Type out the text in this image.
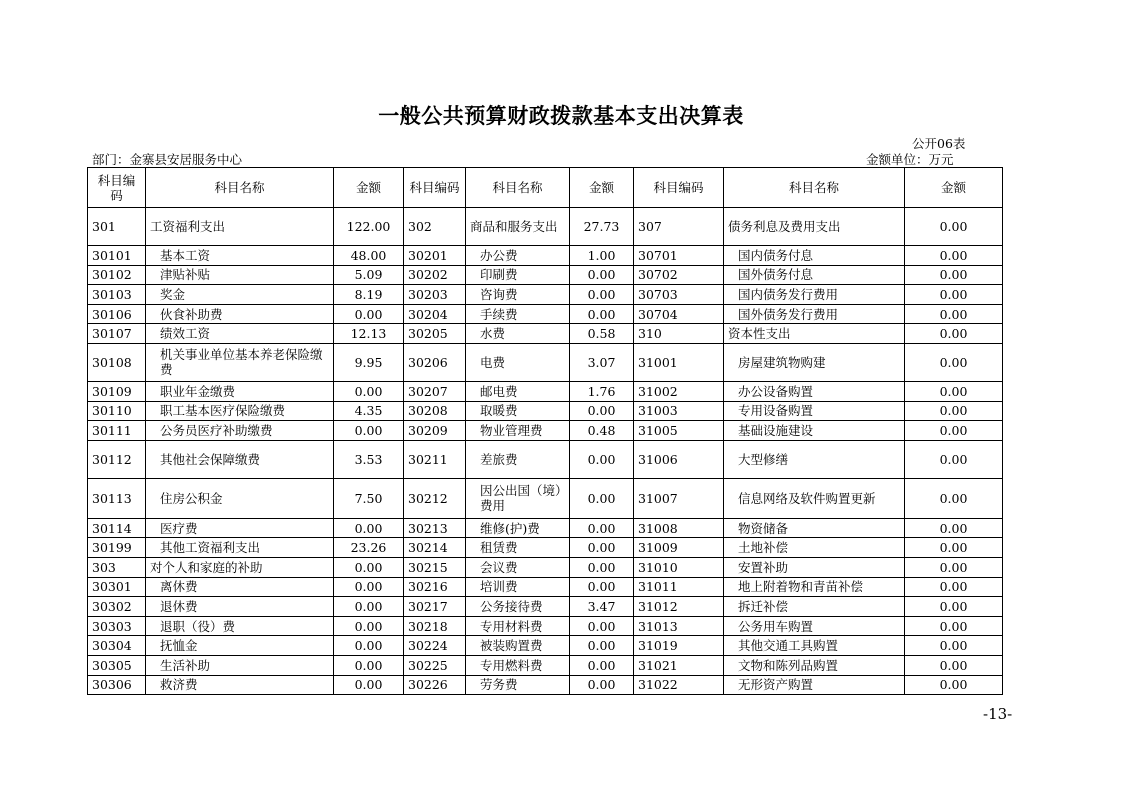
一般公共预算财政拨款基本支出决算表
公开06表
部门：金寨县安居服务中心	金额单位：万元
科目编码	科目名称	金额	科目编码	科目名称	金额	科目编码	科目名称	金额
301	工资福利支出	122.00	302	商品和服务支出	27.73	307	债务利息及费用支出	0.00
30101	基本工资	48.00	30201	办公费	1.00	30701	国内债务付息	0.00
30102	津贴补贴	5.09	30202	印刷费	0.00	30702	国外债务付息	0.00
30103	奖金	8.19	30203	咨询费	0.00	30703	国内债务发行费用	0.00
30106	伙食补助费	0.00	30204	手续费	0.00	30704	国外债务发行费用	0.00
30107	绩效工资	12.13	30205	水费	0.58	310	资本性支出	0.00
30108	机关事业单位基本养老保险缴费	9.95	30206	电费	3.07	31001	房屋建筑物购建	0.00
30109	职业年金缴费	0.00	30207	邮电费	1.76	31002	办公设备购置	0.00
30110	职工基本医疗保险缴费	4.35	30208	取暖费	0.00	31003	专用设备购置	0.00
30111	公务员医疗补助缴费	0.00	30209	物业管理费	0.48	31005	基础设施建设	0.00
30112	其他社会保障缴费	3.53	30211	差旅费	0.00	31006	大型修缮	0.00
30113	住房公积金	7.50	30212	因公出国（境）费用	0.00	31007	信息网络及软件购置更新	0.00
30114	医疗费	0.00	30213	维修(护)费	0.00	31008	物资储备	0.00
30199	其他工资福利支出	23.26	30214	租赁费	0.00	31009	土地补偿	0.00
303	对个人和家庭的补助	0.00	30215	会议费	0.00	31010	安置补助	0.00
30301	离休费	0.00	30216	培训费	0.00	31011	地上附着物和青苗补偿	0.00
30302	退休费	0.00	30217	公务接待费	3.47	31012	拆迁补偿	0.00
30303	退职（役）费	0.00	30218	专用材料费	0.00	31013	公务用车购置	0.00
30304	抚恤金	0.00	30224	被装购置费	0.00	31019	其他交通工具购置	0.00
30305	生活补助	0.00	30225	专用燃料费	0.00	31021	文物和陈列品购置	0.00
30306	救济费	0.00	30226	劳务费	0.00	31022	无形资产购置	0.00
-13-
